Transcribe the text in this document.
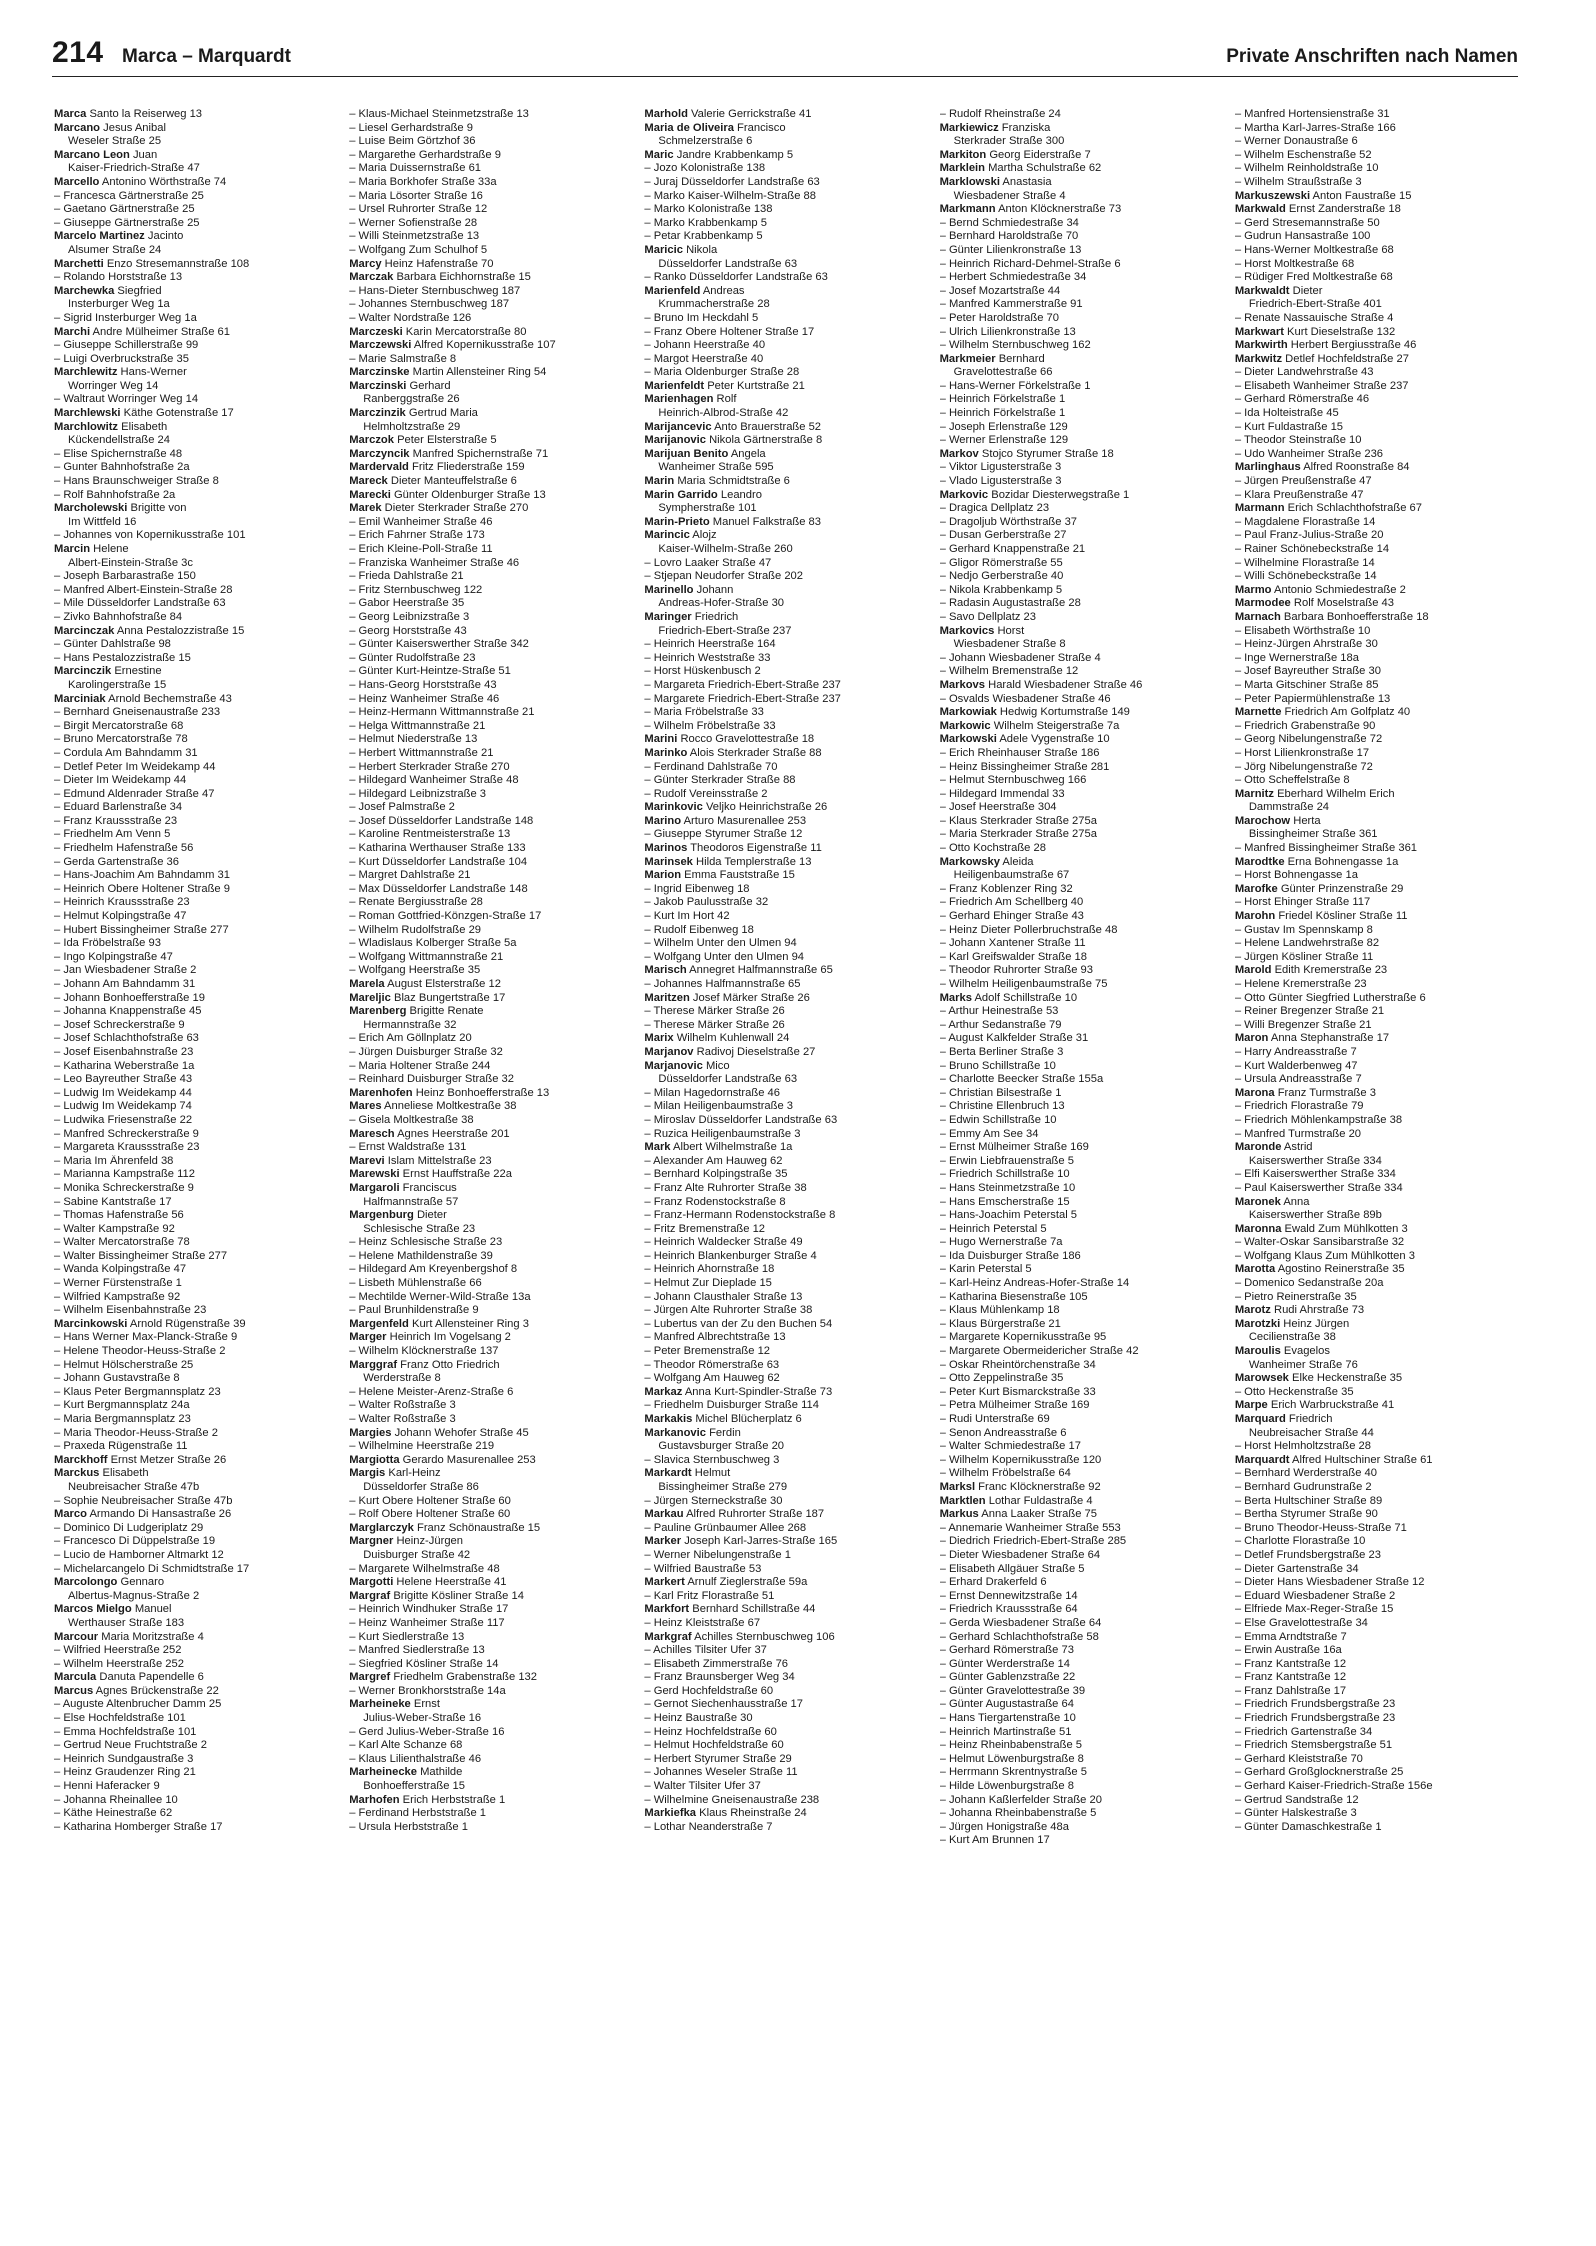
214 Marca – Marquardt	Private Anschriften nach Namen
Marca Santo la Reiserweg 13
Marcano Jesus Anibal
Weseler Straße 25
Marcano Leon Juan
Kaiser-Friedrich-Straße 47
Marcello Antonino Wörthstraße 74
– Francesca Gärtnerstraße 25
– Gaetano Gärtnerstraße 25
– Giuseppe Gärtnerstraße 25
Marcelo Martinez Jacinto
Alsumer Straße 24
Marchetti Enzo Stresemannstraße 108
– Rolando Horststraße 13
Marchewka Siegfried
Insterburger Weg 1a
– Sigrid Insterburger Weg 1a
Marchi Andre Mülheimer Straße 61
– Giuseppe Schillerstraße 99
– Luigi Overbruckstraße 35
Marchlewitz Hans-Werner
Worringer Weg 14
– Waltraut Worringer Weg 14
Marchlewski Käthe Gotenstraße 17
Marchlowitz Elisabeth
Kückendellstraße 24
– Elise Spichernstraße 48
– Gunter Bahnhofstraße 2a
– Hans Braunschweiger Straße 8
– Rolf Bahnhofstraße 2a
Marcholewski Brigitte von
Im Wittfeld 16
– Johannes von Kopernikusstraße 101
Marcin Helene
Albert-Einstein-Straße 3c
– Joseph Barbarastraße 150
– Manfred Albert-Einstein-Straße 28
– Mile Düsseldorfer Landstraße 63
– Zivko Bahnhofstraße 84
Marcinczak Anna Pestalozzistraße 15
– Günter Dahlstraße 98
– Hans Pestalozzistraße 15
Marcinczik Ernestine
Karolingerstraße 15
Marciniak Arnold Bechemstraße 43
– Bernhard Gneisenaustraße 233
– Birgit Mercatorstraße 68
– Bruno Mercatorstraße 78
– Cordula Am Bahndamm 31
– Detlef Peter Im Weidekamp 44
– Dieter Im Weidekamp 44
– Edmund Aldenrader Straße 47
– Eduard Barlenstraße 34
– Franz Kraussstraße 23
– Friedhelm Am Venn 5
– Friedhelm Hafenstraße 56
– Gerda Gartenstraße 36
– Hans-Joachim Am Bahndamm 31
– Heinrich Obere Holtener Straße 9
– Heinrich Kraussstraße 23
– Helmut Kolpingstraße 47
– Hubert Bissingheimer Straße 277
– Ida Fröbelstraße 93
– Ingo Kolpingstraße 47
– Jan Wiesbadener Straße 2
– Johann Am Bahndamm 31
– Johann Bonhoefferstraße 19
– Johanna Knappenstraße 45
– Josef Schreckerstraße 9
– Josef Schlachthofstraße 63
– Josef Eisenbahnstraße 23
– Katharina Weberstraße 1a
– Leo Bayreuther Straße 43
– Ludwig Im Weidekamp 44
– Ludwig Im Weidekamp 74
– Ludwika Friesenstraße 22
– Manfred Schreckerstraße 9
– Margareta Kraussstraße 23
– Maria Im Ährenfeld 38
– Marianna Kampstraße 112
– Monika Schreckerstraße 9
– Sabine Kantstraße 17
– Thomas Hafenstraße 56
– Walter Kampstraße 92
– Walter Mercatorstraße 78
– Walter Bissingheimer Straße 277
– Wanda Kolpingstraße 47
– Werner Fürstenstraße 1
– Wilfried Kampstraße 92
– Wilhelm Eisenbahnstraße 23
Marcinkowski Arnold Rügenstraße 39
– Hans Werner Max-Planck-Straße 9
– Helene Theodor-Heuss-Straße 2
– Helmut Hölscherstraße 25
– Johann Gustavstraße 8
– Klaus Peter Bergmannsplatz 23
– Kurt Bergmannsplatz 24a
– Maria Bergmannsplatz 23
– Maria Theodor-Heuss-Straße 2
– Praxeda Rügenstraße 11
Marckhoff Ernst Metzer Straße 26
Marckus Elisabeth
Neubreisacher Straße 47b
– Sophie Neubreisacher Straße 47b
Marco Armando Di Hansastraße 26
– Dominico Di Ludgeriplatz 29
– Francesco Di Düppelstraße 19
– Lucio de Hamborner Altmarkt 12
– Michelarcangelo Di Schmidtstraße 17
Marcolongo Gennaro
Albertus-Magnus-Straße 2
Marcos Mielgo Manuel
Werthauser Straße 183
Marcour Maria Moritzstraße 4
– Wilfried Heerstraße 252
– Wilhelm Heerstraße 252
Marcula Danuta Papendelle 6
Marcus Agnes Brückenstraße 22
– Auguste Altenbrucher Damm 25
– Else Hochfeldstraße 101
– Emma Hochfeldstraße 101
– Gertrud Neue Fruchtstraße 2
– Heinrich Sundgaustraße 3
– Heinz Graudenzer Ring 21
– Henni Haferacker 9
– Johanna Rheinallee 10
– Käthe Heinestraße 62
– Katharina Homberger Straße 17
– Klaus-Michael Steinmetzstraße 13
– Liesel Gerhardstraße 9
– Luise Beim Görtzhof 36
– Margarethe Gerhardstraße 9
– Maria Duissernstraße 61
– Maria Borkhofer Straße 33a
– Maria Lösorter Straße 16
– Ursel Ruhrorter Straße 12
– Werner Sofienstraße 28
– Willi Steinmetzstraße 13
– Wolfgang Zum Schulhof 5
Marcy Heinz Hafenstraße 70
Marczak Barbara Eichhornstraße 15
– Hans-Dieter Sternbuschweg 187
– Johannes Sternbuschweg 187
– Walter Nordstraße 126
Marczeski Karin Mercatorstraße 80
Marczewski Alfred Kopernikusstraße 107
– Marie Salmstraße 8
Marczinske Martin Allensteiner Ring 54
Marczinski Gerhard
Ranberggstraße 26
Marczinzik Gertrud Maria
Helmholtzstraße 29
Marczok Peter Elsterstraße 5
Marczyncik Manfred Spichernstraße 71
Mardervald Fritz Fliederstraße 159
Mareck Dieter Manteuffelstraße 6
Marecki Günter Oldenburger Straße 13
Marek Dieter Sterkrader Straße 270
– Emil Wanheimer Straße 46
– Erich Fahrner Straße 173
– Erich Kleine-Poll-Straße 11
– Franziska Wanheimer Straße 46
– Frieda Dahlstraße 21
– Fritz Sternbuschweg 122
– Gabor Heerstraße 35
– Georg Leibnizstraße 3
– Georg Horststraße 43
– Günter Kaiserswerther Straße 342
– Günter Rudolfstraße 23
– Günter Kurt-Heintze-Straße 51
– Hans-Georg Horststraße 43
– Heinz Wanheimer Straße 46
– Heinz-Hermann Wittmannstraße 21
– Helga Wittmannstraße 21
– Helmut Niederstraße 13
– Herbert Wittmannstraße 21
– Herbert Sterkrader Straße 270
– Hildegard Wanheimer Straße 48
– Hildegard Leibnizstraße 3
– Josef Palmstraße 2
– Josef Düsseldorfer Landstraße 148
– Karoline Rentmeisterstraße 13
– Katharina Werthauser Straße 133
– Kurt Düsseldorfer Landstraße 104
– Margret Dahlstraße 21
– Max Düsseldorfer Landstraße 148
– Renate Bergiusstraße 28
– Roman Gottfried-Könzgen-Straße 17
– Wilhelm Rudolfstraße 29
– Wladislaus Kolberger Straße 5a
– Wolfgang Wittmannstraße 21
– Wolfgang Heerstraße 35
Marela August Elsterstraße 12
Mareljic Blaz Bungertstraße 17
Marenberg Brigitte Renate
Hermannstraße 32
– Erich Am Göllnplatz 20
– Jürgen Duisburger Straße 32
– Maria Holtener Straße 244
– Reinhard Duisburger Straße 32
Marenhofen Heinz Bonhoefferstraße 13
Mares Anneliese Moltkestraße 38
– Gisela Moltkestraße 38
Maresch Agnes Heerstraße 201
– Ernst Waldstraße 131
Marevi Islam Mittelstraße 23
Marewski Ernst Hauffstraße 22a
Margaroli Franciscus
Halfmannstraße 57
Margenburg Dieter
Schlesische Straße 23
– Heinz Schlesische Straße 23
– Helene Mathildenstraße 39
– Hildegard Am Kreyenbergshof 8
– Lisbeth Mühlenstraße 66
– Mechtilde Werner-Wild-Straße 13a
– Paul Brunhildenstraße 9
Margenfeld Kurt Allensteiner Ring 3
Marger Heinrich Im Vogelsang 2
– Wilhelm Klöcknerstraße 137
Marggraf Franz Otto Friedrich
Werderstraße 8
– Helene Meister-Arenz-Straße 6
– Walter Roßstraße 3
– Walter Roßstraße 3
Margies Johann Wehofer Straße 45
– Wilhelmine Heerstraße 219
Margiotta Gerardo Masurenallee 253
Margis Karl-Heinz
Düsseldorfer Straße 86
– Kurt Obere Holtener Straße 60
– Rolf Obere Holtener Straße 60
Marglarczyk Franz Schönaustraße 15
Margner Heinz-Jürgen
Duisburger Straße 42
– Margarete Wilhelmstraße 48
Margotti Helene Heerstraße 41
Margraf Brigitte Kösliner Straße 14
– Heinrich Windhuker Straße 17
– Heinz Wanheimer Straße 117
– Kurt Siedlerstraße 13
– Manfred Siedlerstraße 13
– Siegfried Kösliner Straße 14
Margref Friedhelm Grabenstraße 132
– Werner Bronkhorststraße 14a
Marheineke Ernst
Julius-Weber-Straße 16
– Gerd Julius-Weber-Straße 16
– Karl Alte Schanze 68
– Klaus Lilienthalstraße 46
Marheinecke Mathilde
Bonhoefferstraße 15
Marhofen Erich Herbststraße 1
– Ferdinand Herbststraße 1
– Ursula Herbststraße 1
Marhold Valerie Gerrickstraße 41
Maria de Oliveira Francisco
Schmelzerstraße 6
Maric Jandre Krabbenkamp 5
– Jozo Kolonistraße 138
– Juraj Düsseldorfer Landstraße 63
– Marko Kaiser-Wilhelm-Straße 88
– Marko Kolonistraße 138
– Marko Krabbenkamp 5
– Petar Krabbenkamp 5
Maricic Nikola
Düsseldorfer Landstraße 63
– Ranko Düsseldorfer Landstraße 63
Marienfeld Andreas
Krummacherstraße 28
– Bruno Im Heckdahl 5
– Franz Obere Holtener Straße 17
– Johann Heerstraße 40
– Margot Heerstraße 40
– Maria Oldenburger Straße 28
Marienfeldt Peter Kurtstraße 21
Marienhagen Rolf
Heinrich-Albrod-Straße 42
Marijancevic Anto Brauerstraße 52
Marijanovic Nikola Gärtnerstraße 8
Marijuan Benito Angela
Wanheimer Straße 595
Marin Maria Schmidtstraße 6
Marin Garrido Leandro
Sympherstraße 101
Marin-Prieto Manuel Falkstraße 83
Marincic Alojz
Kaiser-Wilhelm-Straße 260
– Lovro Laaker Straße 47
– Stjepan Neudorfer Straße 202
Marinello Johann
Andreas-Hofer-Straße 30
Maringer Friedrich
Friedrich-Ebert-Straße 237
– Heinrich Heerstraße 164
– Heinrich Weststraße 33
– Horst Hüskenbusch 2
– Margareta Friedrich-Ebert-Straße 237
– Margarete Friedrich-Ebert-Straße 237
– Maria Fröbelstraße 33
– Wilhelm Fröbelstraße 33
Marini Rocco Gravelottestraße 18
Marinko Alois Sterkrader Straße 88
– Ferdinand Dahlstraße 70
– Günter Sterkrader Straße 88
– Rudolf Vereinsstraße 2
Marinkovic Veljko Heinrichstraße 26
Marino Arturo Masurenallee 253
– Giuseppe Styrumer Straße 12
Marinos Theodoros Eigenstraße 11
Marinsek Hilda Templerstraße 13
Marion Emma Fauststraße 15
– Ingrid Eibenweg 18
– Jakob Paulusstraße 32
– Kurt Im Hort 42
– Rudolf Eibenweg 18
– Wilhelm Unter den Ulmen 94
– Wolfgang Unter den Ulmen 94
Marisch Annegret Halfmannstraße 65
– Johannes Halfmannstraße 65
Maritzen Josef Märker Straße 26
– Therese Märker Straße 26
– Therese Märker Straße 26
Marix Wilhelm Kuhlenwall 24
Marjanov Radivoj Dieselstraße 27
Marjanovic Mico
Düsseldorfer Landstraße 63
– Milan Hagedornstraße 46
– Milan Heiligenbaumstraße 3
– Miroslav Düsseldorfer Landstraße 63
– Ruzica Heiligenbaumstraße 3
Mark Albert Wilhelmstraße 1a
– Alexander Am Hauweg 62
– Bernhard Kolpingstraße 35
– Franz Alte Ruhrorter Straße 38
– Franz Rodenstockstraße 8
– Franz-Hermann Rodenstockstraße 8
– Fritz Bremenstraße 12
– Heinrich Waldecker Straße 49
– Heinrich Blankenburger Straße 4
– Heinrich Ahornstraße 18
– Helmut Zur Dieplade 15
– Johann Clausthaler Straße 13
– Jürgen Alte Ruhrorter Straße 38
– Lubertus van der Zu den Buchen 54
– Manfred Albrechtstraße 13
– Peter Bremenstraße 12
– Theodor Römerstraße 63
– Wolfgang Am Hauweg 62
Markaz Anna Kurt-Spindler-Straße 73
– Friedhelm Duisburger Straße 114
Markakis Michel Blücherplatz 6
Markanovic Ferdin
Gustavsburger Straße 20
– Slavica Sternbuschweg 3
Markardt Helmut
Bissingheimer Straße 279
– Jürgen Sterneckstraße 30
Markau Alfred Ruhrorter Straße 187
– Pauline Grünbaumer Allee 268
Marker Joseph Karl-Jarres-Straße 165
– Werner Nibelungenstraße 1
– Wilfried Baustraße 53
Markert Arnulf Zieglerstraße 59a
– Karl Fritz Florastraße 51
Markfort Bernhard Schillstraße 44
– Heinz Kleiststraße 67
Markgraf Achilles Sternbuschweg 106
– Achilles Tilsiter Ufer 37
– Elisabeth Zimmerstraße 76
– Franz Braunsberger Weg 34
– Gerd Hochfeldstraße 60
– Gernot Siechenhausstraße 17
– Heinz Baustraße 30
– Heinz Hochfeldstraße 60
– Helmut Hochfeldstraße 60
– Herbert Styrumer Straße 29
– Johannes Weseler Straße 11
– Walter Tilsiter Ufer 37
– Wilhelmine Gneisenaustraße 238
Markiefka Klaus Rheinstraße 24
– Lothar Neanderstraße 7
– Rudolf Rheinstraße 24
Markiewicz Franziska
Sterkrader Straße 300
Markiton Georg Eiderstraße 7
Marklein Martha Schulstraße 62
Marklowski Anastasia
Wiesbadener Straße 4
Markmann Anton Klöcknerstraße 73
– Bernd Schmiedestraße 34
– Bernhard Haroldstraße 70
– Günter Lilienkronstraße 13
– Heinrich Richard-Dehmel-Straße 6
– Herbert Schmiedestraße 34
– Josef Mozartstraße 44
– Manfred Kammerstraße 91
– Peter Haroldstraße 70
– Ulrich Lilienkronstraße 13
– Wilhelm Sternbuschweg 162
Markmeier Bernhard
Gravelottestraße 66
– Hans-Werner Förkelstraße 1
– Heinrich Förkelstraße 1
– Heinrich Förkelstraße 1
– Joseph Erlenstraße 129
– Werner Erlenstraße 129
Markov Stojco Styrumer Straße 18
– Viktor Ligusterstraße 3
– Vlado Ligusterstraße 3
Markovic Bozidar Diesterwegstraße 1
– Dragica Dellplatz 23
– Dragoljub Wörthstraße 37
– Dusan Gerberstraße 27
– Gerhard Knappenstraße 21
– Gligor Römerstraße 55
– Nedjo Gerberstraße 40
– Nikola Krabbenkamp 5
– Radasin Augustastraße 28
– Savo Dellplatz 23
Markovics Horst
Wiesbadener Straße 8
– Johann Wiesbadener Straße 4
– Wilhelm Bremenstraße 12
Markovs Harald Wiesbadener Straße 46
– Osvalds Wiesbadener Straße 46
Markowiak Hedwig Kortumstraße 149
Markowic Wilhelm Steigerstraße 7a
Markowski Adele Vygenstraße 10
– Erich Rheinhauser Straße 186
– Heinz Bissingheimer Straße 281
– Helmut Sternbuschweg 166
– Hildegard Immendal 33
– Josef Heerstraße 304
– Klaus Sterkrader Straße 275a
– Maria Sterkrader Straße 275a
– Otto Kochstraße 28
Markowsky Aleida
Heiligenbaumstraße 67
– Franz Koblenzer Ring 32
– Friedrich Am Schellberg 40
– Gerhard Ehinger Straße 43
– Heinz Dieter Pollerbruchstraße 48
– Johann Xantener Straße 11
– Karl Greifswalder Straße 18
– Theodor Ruhrorter Straße 93
– Wilhelm Heiligenbaumstraße 75
Marks Adolf Schillstraße 10
– Arthur Heinestraße 53
– Arthur Sedanstraße 79
– August Kalkfelder Straße 31
– Berta Berliner Straße 3
– Bruno Schillstraße 10
– Charlotte Beecker Straße 155a
– Christian Bilsestraße 1
– Christine Ellenbruch 13
– Edwin Schillstraße 10
– Emmy Am See 34
– Ernst Mülheimer Straße 169
– Erwin Liebfrauenstraße 5
– Friedrich Schillstraße 10
– Hans Steinmetzstraße 10
– Hans Emscherstraße 15
– Hans-Joachim Peterstal 5
– Heinrich Peterstal 5
– Hugo Wernerstraße 7a
– Ida Duisburger Straße 186
– Karin Peterstal 5
– Karl-Heinz Andreas-Hofer-Straße 14
– Katharina Biesenstraße 105
– Klaus Mühlenkamp 18
– Klaus Bürgerstraße 21
– Margarete Kopernikusstraße 95
– Margarete Obermeidericher Straße 42
– Oskar Rheintörchenstraße 34
– Otto Zeppelinstraße 35
– Peter Kurt Bismarckstraße 33
– Petra Mülheimer Straße 169
– Rudi Unterstraße 69
– Senon Andreasstraße 6
– Walter Schmiedestraße 17
– Wilhelm Kopernikusstraße 120
– Wilhelm Fröbelstraße 64
Marksl Franc Klöcknerstraße 92
Marktlen Lothar Fuldastraße 4
Markus Anna Laaker Straße 75
– Annemarie Wanheimer Straße 553
– Diedrich Friedrich-Ebert-Straße 285
– Dieter Wiesbadener Straße 64
– Elisabeth Allgäuer Straße 5
– Erhard Drakerfeld 6
– Ernst Dennewitzstraße 14
– Friedrich Kraussstraße 64
– Gerda Wiesbadener Straße 64
– Gerhard Schlachthofstraße 58
– Gerhard Römerstraße 73
– Günter Werderstraße 14
– Günter Gablenzstraße 22
– Günter Gravelottestraße 39
– Günter Augustastraße 64
– Hans Tiergartenstraße 10
– Heinrich Martinstraße 51
– Heinz Rheinbabenstraße 5
– Helmut Löwenburgstraße 8
– Herrmann Skrentnystraße 5
– Hilde Löwenburgstraße 8
– Johann Kaßlerfelder Straße 20
– Johanna Rheinbabenstraße 5
– Jürgen Honigstraße 48a
– Kurt Am Brunnen 17
– Manfred Hortensienstraße 31
– Martha Karl-Jarres-Straße 166
– Werner Donaustraße 6
– Wilhelm Eschenstraße 52
– Wilhelm Reinholdstraße 10
– Wilhelm Straußstraße 3
Markuszewski Anton Faustraße 15
Markwald Ernst Zanderstraße 18
– Gerd Stresemannstraße 50
– Gudrun Hansastraße 100
– Hans-Werner Moltkestraße 68
– Horst Moltkestraße 68
– Rüdiger Fred Moltkestraße 68
Markwaldt Dieter
Friedrich-Ebert-Straße 401
– Renate Nassauische Straße 4
Markwart Kurt Dieselstraße 132
Markwirth Herbert Bergiusstraße 46
Markwitz Detlef Hochfeldstraße 27
– Dieter Landwehrstraße 43
– Elisabeth Wanheimer Straße 237
– Gerhard Römerstraße 46
– Ida Holteistraße 45
– Kurt Fuldastraße 15
– Theodor Steinstraße 10
– Udo Wanheimer Straße 236
Marlinghaus Alfred Roonstraße 84
– Jürgen Preußenstraße 47
– Klara Preußenstraße 47
Marmann Erich Schlachthofstraße 67
– Magdalene Florastraße 14
– Paul Franz-Julius-Straße 20
– Rainer Schönebeckstraße 14
– Wilhelmine Florastraße 14
– Willi Schönebeckstraße 14
Marmo Antonio Schmiedestraße 2
Marmodee Rolf Moselstraße 43
Marnach Barbara Bonhoefferstraße 18
– Elisabeth Wörthstraße 10
– Heinz-Jürgen Ahrstraße 30
– Inge Wernerstraße 18a
– Josef Bayreuther Straße 30
– Marta Gitschiner Straße 85
– Peter Papiermühlenstraße 13
Marnette Friedrich Am Golfplatz 40
– Friedrich Grabenstraße 90
– Georg Nibelungenstraße 72
– Horst Lilienkronstraße 17
– Jörg Nibelungenstraße 72
– Otto Scheffelstraße 8
Marnitz Eberhard Wilhelm Erich
Dammstraße 24
Marochow Herta
Bissingheimer Straße 361
– Manfred Bissingheimer Straße 361
Marodtke Erna Bohnengasse 1a
– Horst Bohnengasse 1a
Marofke Günter Prinzenstraße 29
– Horst Ehinger Straße 117
Marohn Friedel Kösliner Straße 11
– Gustav Im Spennskamp 8
– Helene Landwehrstraße 82
– Jürgen Kösliner Straße 11
Marold Edith Kremerstraße 23
– Helene Kremerstraße 23
– Otto Günter Siegfried Lutherstraße 6
– Reiner Bregenzer Straße 21
– Willi Bregenzer Straße 21
Maron Anna Stephanstraße 17
– Harry Andreasstraße 7
– Kurt Walderbenweg 47
– Ursula Andreasstraße 7
Marona Franz Turmstraße 3
– Friedrich Florastraße 79
– Friedrich Möhlenkampstraße 38
– Manfred Turmstraße 20
Maronde Astrid
Kaiserswerther Straße 334
– Elfi Kaiserswerther Straße 334
– Paul Kaiserswerther Straße 334
Maronek Anna
Kaiserswerther Straße 89b
Maronna Ewald Zum Mühlkotten 3
– Walter-Oskar Sansibarstraße 32
– Wolfgang Klaus Zum Mühlkotten 3
Marotta Agostino Reinerstraße 35
– Domenico Sedanstraße 20a
– Pietro Reinerstraße 35
Marotz Rudi Ahrstraße 73
Marotzki Heinz Jürgen
Cecilienstraße 38
Maroulis Evagelos
Wanheimer Straße 76
Marowsek Elke Heckenstraße 35
– Otto Heckenstraße 35
Marpe Erich Warbruckstraße 41
Marquard Friedrich
Neubreisacher Straße 44
– Horst Helmholtzstraße 28
Marquardt Alfred Hultschiner Straße 61
– Bernhard Werderstraße 40
– Bernhard Gudrunstraße 2
– Berta Hultschiner Straße 89
– Bertha Styrumer Straße 90
– Bruno Theodor-Heuss-Straße 71
– Charlotte Florastraße 10
– Detlef Frundsbergstraße 23
– Dieter Gartenstraße 34
– Dieter Hans Wiesbadener Straße 12
– Eduard Wiesbadener Straße 2
– Elfriede Max-Reger-Straße 15
– Else Gravelottestraße 34
– Emma Arndtstraße 7
– Erwin Austraße 16a
– Franz Kantstraße 12
– Franz Kantstraße 12
– Franz Dahlstraße 17
– Friedrich Frundsbergstraße 23
– Friedrich Frundsbergstraße 23
– Friedrich Gartenstraße 34
– Friedrich Stemsbergstraße 51
– Gerhard Kleiststraße 70
– Gerhard Großglocknerstraße 25
– Gerhard Kaiser-Friedrich-Straße 156e
– Gertrud Sandstraße 12
– Günter Halskestraße 3
– Günter Damaschkestraße 1
